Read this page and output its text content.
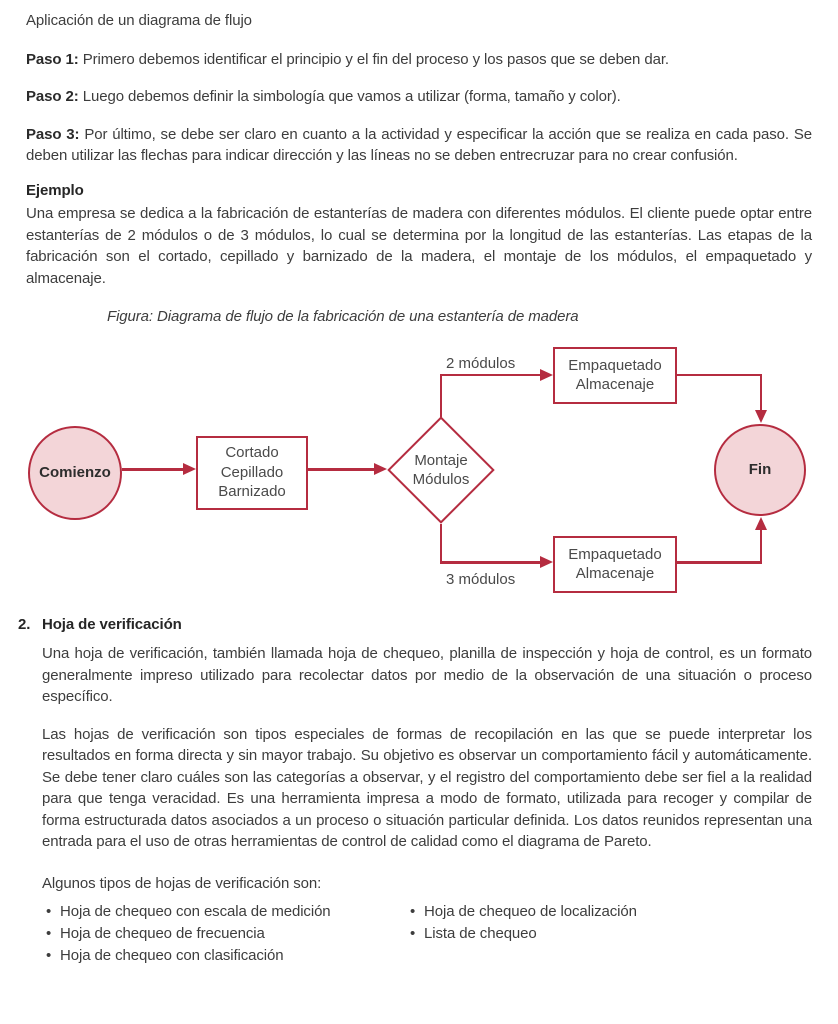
Aplicación de un diagrama de flujo

Paso 1: Primero debemos identificar el principio y el fin del proceso y los pasos que se deben dar.

Paso 2: Luego debemos definir la simbología que vamos a utilizar (forma, tamaño y color).

Paso 3: Por último, se debe ser claro en cuanto a la actividad y especificar la acción que se realiza en cada paso. Se deben utilizar las flechas para indicar dirección y las líneas no se deben entrecruzar para no crear confusión.

Ejemplo

Una empresa se dedica a la fabricación de estanterías de madera con diferentes módulos. El cliente puede optar entre estanterías de 2 módulos o de 3 módulos, lo cual se determina por la longitud de las estanterías. Las etapas de la fabricación son el cortado, cepillado y barnizado de la madera, el montaje de los módulos, el empaquetado y almacenaje.

Figura: Diagrama de flujo de la fabricación de una estantería de madera

Comienzo
Cortado
Cepillado
Barnizado
Montaje
Módulos
2 módulos	Empaquetado
Almacenaje
3 módulos
Empaquetado
Almacenaje
Fin

2. Hoja de verificación

Una hoja de verificación, también llamada hoja de chequeo, planilla de inspección y hoja de control, es un formato generalmente impreso utilizado para recolectar datos por medio de la observación de una situación o proceso específico.

Las hojas de verificación son tipos especiales de formas de recopilación en las que se puede interpretar los resultados en forma directa y sin mayor trabajo. Su objetivo es observar un comportamiento fácil y automáticamente. Se debe tener claro cuáles son las categorías a observar, y el registro del comportamiento debe ser fiel a la realidad para que tenga veracidad. Es una herramienta impresa a modo de formato, utilizada para recoger y compilar de forma estructurada datos asociados a un proceso o situación particular definida. Los datos reunidos representan una entrada para el uso de otras herramientas de control de calidad como el diagrama de Pareto.

Algunos tipos de hojas de verificación son:

• Hoja de chequeo con escala de medición
• Hoja de chequeo de frecuencia
• Hoja de chequeo con clasificación
• Hoja de chequeo de localización
• Lista de chequeo
